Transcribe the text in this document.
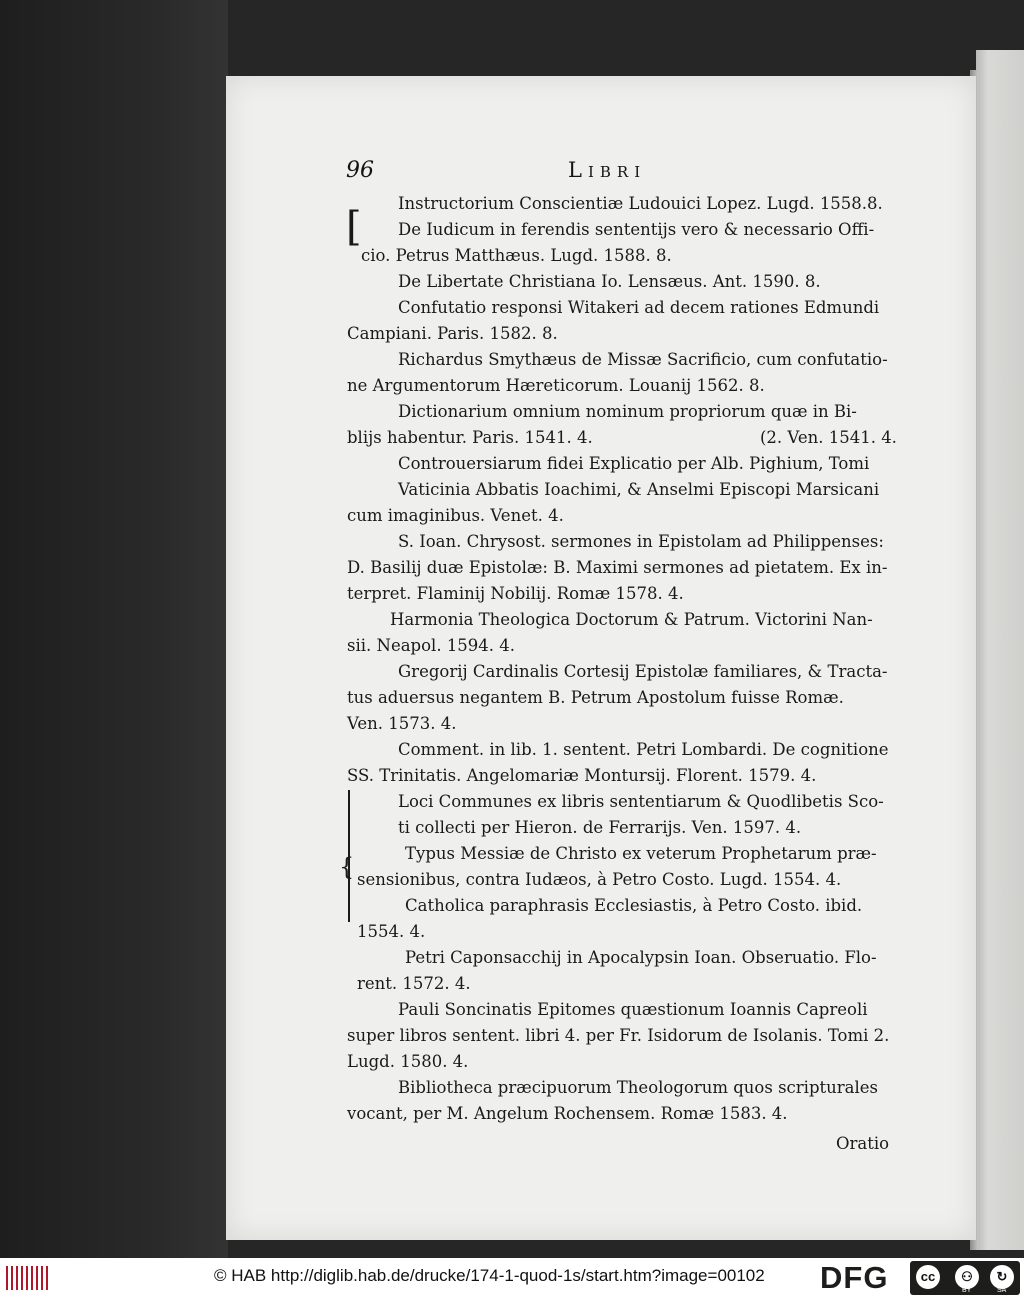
96	Libri
[
{
Instructorium Conscientiæ Ludouici Lopez. Lugd. 1558.8.
De Iudicum in ferendis sententijs vero & necessario Offi-
cio. Petrus Matthæus. Lugd. 1588. 8.
De Libertate Christiana Io. Lensæus. Ant. 1590. 8.
Confutatio responsi Witakeri ad decem rationes Edmundi
Campiani. Paris. 1582. 8.
Richardus Smythæus de Missæ Sacrificio, cum confutatio-
ne Argumentorum Hæreticorum. Louanij 1562. 8.
Dictionarium omnium nominum propriorum quæ in Bi-
blijs habentur. Paris. 1541. 4.	(2. Ven. 1541. 4.
Controuersiarum fidei Explicatio per Alb. Pighium, Tomi
Vaticinia Abbatis Ioachimi, & Anselmi Episcopi Marsicani
cum imaginibus. Venet. 4.
S. Ioan. Chrysost. sermones in Epistolam ad Philippenses:
D. Basilij duæ Epistolæ: B. Maximi sermones ad pietatem. Ex in-
terpret. Flaminij Nobilij. Romæ 1578. 4.
Harmonia Theologica Doctorum & Patrum. Victorini Nan-
sii. Neapol. 1594. 4.
Gregorij Cardinalis Cortesij Epistolæ familiares, & Tracta-
tus aduersus negantem B. Petrum Apostolum fuisse Romæ.
Ven. 1573. 4.
Comment. in lib. 1. sentent. Petri Lombardi. De cognitione
SS. Trinitatis. Angelomariæ Montursij. Florent. 1579. 4.
Loci Communes ex libris sententiarum & Quodlibetis Sco-
ti collecti per Hieron. de Ferrarijs. Ven. 1597. 4.
Typus Messiæ de Christo ex veterum Prophetarum præ-
sensionibus, contra Iudæos, à Petro Costo. Lugd. 1554. 4.
Catholica paraphrasis Ecclesiastis, à Petro Costo. ibid.
1554. 4.
Petri Caponsacchij in Apocalypsin Ioan. Obseruatio. Flo-
rent. 1572. 4.
Pauli Soncinatis Epitomes quæstionum Ioannis Capreoli
super libros sentent. libri 4. per Fr. Isidorum de Isolanis. Tomi 2.
Lugd. 1580. 4.
Bibliotheca præcipuorum Theologorum quos scripturales
vocant, per M. Angelum Rochensem. Romæ 1583. 4.
Oratio
© HAB http://diglib.hab.de/drucke/174-1-quod-1s/start.htm?image=00102 DFG	cc	⚇	↻
BY	SA
